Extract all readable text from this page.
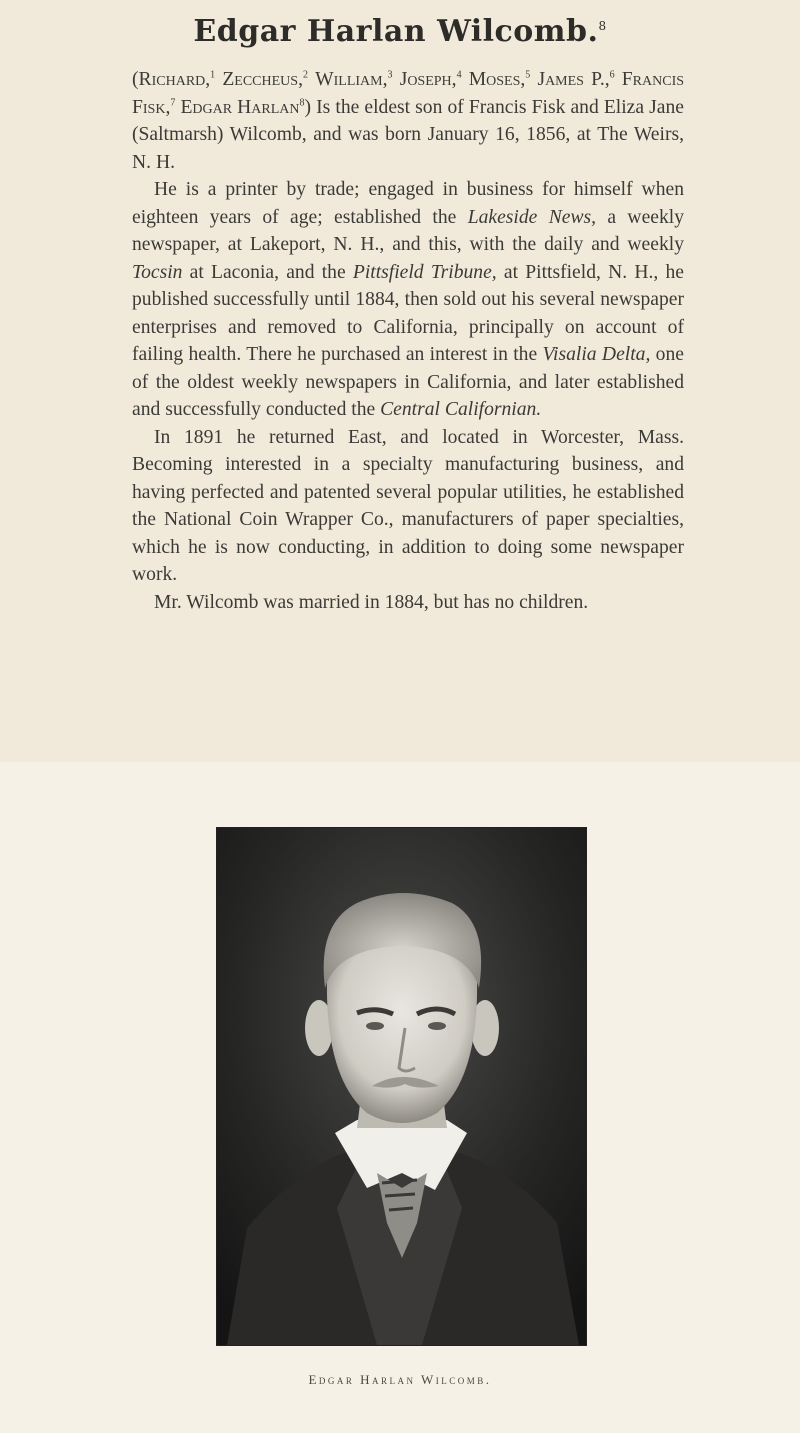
Edgar Harlan Wilcomb.$^8$

(Richard,$^1$ Zeccheus,$^2$ William,$^3$ Joseph,$^4$ Moses,$^5$ James P.,$^6$ Francis Fisk,$^7$ Edgar Harlan$^8$) Is the eldest son of Francis Fisk and Eliza Jane (Saltmarsh) Wilcomb, and was born January 16, 1856, at The Weirs, N. H.

He is a printer by trade; engaged in business for himself when eighteen years of age; established the Lakeside News, a weekly newspaper, at Lakeport, N. H., and this, with the daily and weekly Tocsin at Laconia, and the Pittsfield Tribune, at Pittsfield, N. H., he published successfully until 1884, then sold out his several newspaper enterprises and removed to California, principally on account of failing health. There he purchased an interest in the Visalia Delta, one of the oldest weekly newspapers in California, and later established and successfully conducted the Central Californian.

In 1891 he returned East, and located in Worcester, Mass. Becoming interested in a specialty manufacturing business, and having perfected and patented several popular utilities, he established the National Coin Wrapper Co., manufacturers of paper specialties, which he is now conducting, in addition to doing some newspaper work.

Mr. Wilcomb was married in 1884, but has no children.

Edgar Harlan Wilcomb.
